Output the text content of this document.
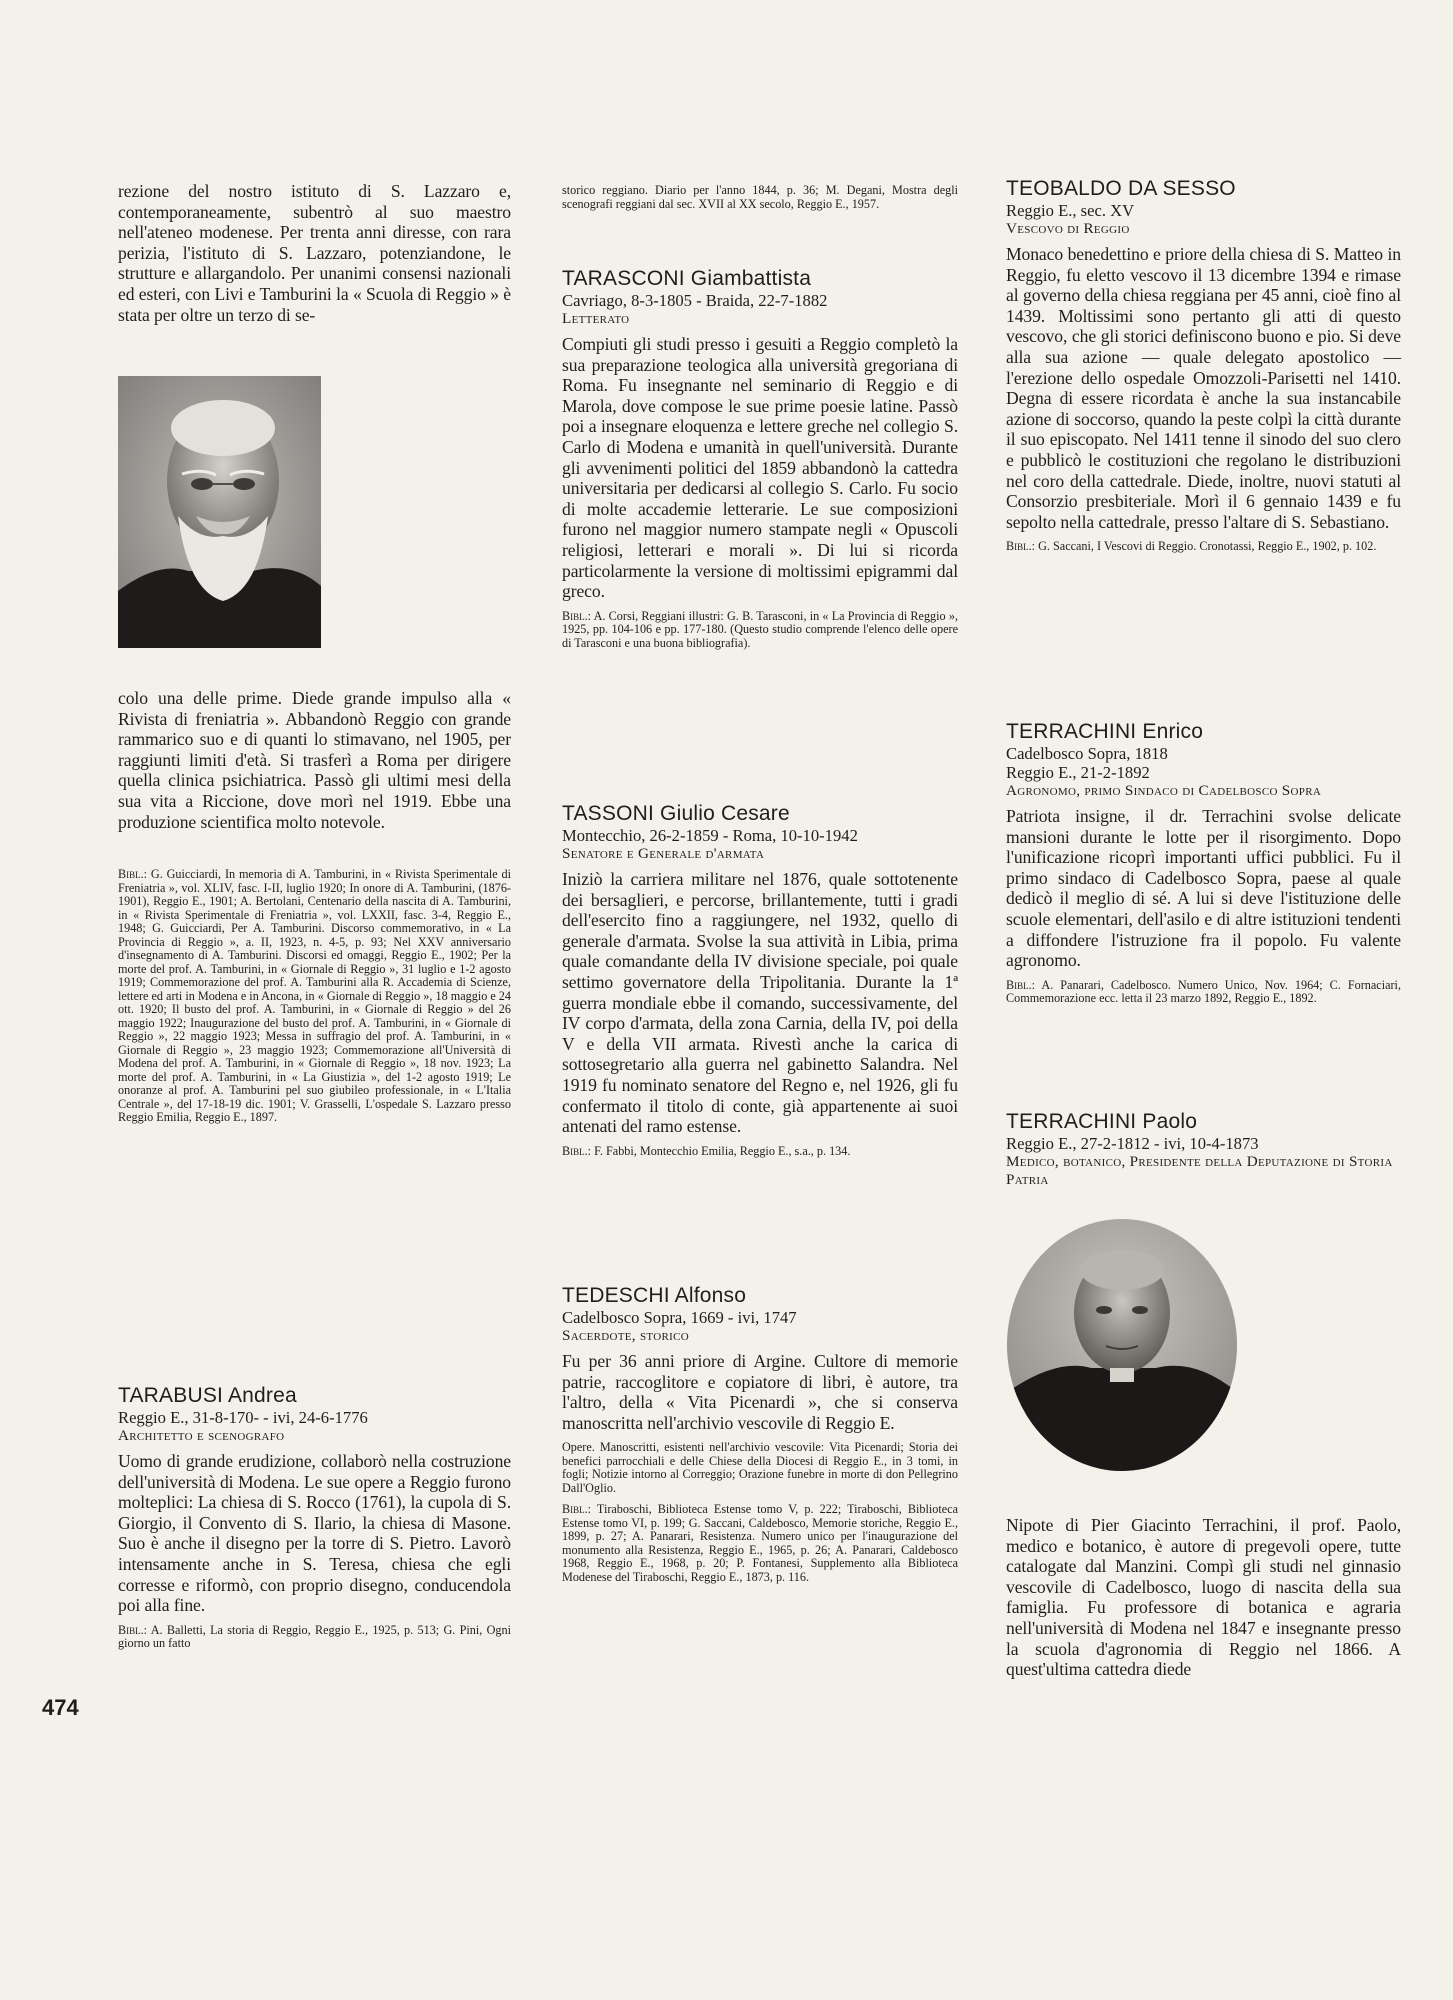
rezione del nostro istituto di S. Lazzaro e, contemporaneamente, subentrò al suo maestro nell'ateneo modenese. Per trenta anni diresse, con rara perizia, l'istituto di S. Lazzaro, potenziandone, le strutture e allargandolo. Per unanimi consensi nazionali ed esteri, con Livi e Tamburini la « Scuola di Reggio » è stata per oltre un terzo di se-

colo una delle prime. Diede grande impulso alla « Rivista di freniatria ». Abbandonò Reggio con grande rammarico suo e di quanti lo stimavano, nel 1905, per raggiunti limiti d'età. Si trasferì a Roma per dirigere quella clinica psichiatrica. Passò gli ultimi mesi della sua vita a Riccione, dove morì nel 1919. Ebbe una produzione scientifica molto notevole.

Bibl.: G. Guicciardi, In memoria di A. Tamburini, in « Rivista Sperimentale di Freniatria », vol. XLIV, fasc. I-II, luglio 1920; In onore di A. Tamburini, (1876-1901), Reggio E., 1901; A. Bertolani, Centenario della nascita di A. Tamburini, in « Rivista Sperimentale di Freniatria », vol. LXXII, fasc. 3-4, Reggio E., 1948; G. Guicciardi, Per A. Tamburini. Discorso commemorativo, in « La Provincia di Reggio », a. II, 1923, n. 4-5, p. 93; Nel XXV anniversario d'insegnamento di A. Tamburini. Discorsi ed omaggi, Reggio E., 1902; Per la morte del prof. A. Tamburini, in « Giornale di Reggio », 31 luglio e 1-2 agosto 1919; Commemorazione del prof. A. Tamburini alla R. Accademia di Scienze, lettere ed arti in Modena e in Ancona, in « Giornale di Reggio », 18 maggio e 24 ott. 1920; Il busto del prof. A. Tamburini, in « Giornale di Reggio » del 26 maggio 1922; Inaugurazione del busto del prof. A. Tamburini, in « Giornale di Reggio », 22 maggio 1923; Messa in suffragio del prof. A. Tamburini, in « Giornale di Reggio », 23 maggio 1923; Commemorazione all'Università di Modena del prof. A. Tamburini, in « Giornale di Reggio », 18 nov. 1923; La morte del prof. A. Tamburini, in « La Giustizia », del 1-2 agosto 1919; Le onoranze al prof. A. Tamburini pel suo giubileo professionale, in « L'Italia Centrale », del 17-18-19 dic. 1901; V. Grasselli, L'ospedale S. Lazzaro presso Reggio Emilia, Reggio E., 1897.

TARABUSI Andrea

Reggio E., 31-8-170- - ivi, 24-6-1776

Architetto e scenografo

Uomo di grande erudizione, collaborò nella costruzione dell'università di Modena. Le sue opere a Reggio furono molteplici: La chiesa di S. Rocco (1761), la cupola di S. Giorgio, il Convento di S. Ilario, la chiesa di Masone. Suo è anche il disegno per la torre di S. Pietro. Lavorò intensamente anche in S. Teresa, chiesa che egli corresse e riformò, con proprio disegno, conducendola poi alla fine.

Bibl.: A. Balletti, La storia di Reggio, Reggio E., 1925, p. 513; G. Pini, Ogni giorno un fatto

storico reggiano. Diario per l'anno 1844, p. 36; M. Degani, Mostra degli scenografi reggiani dal sec. XVII al XX secolo, Reggio E., 1957.

TARASCONI Giambattista

Cavriago, 8-3-1805 - Braida, 22-7-1882

Letterato

Compiuti gli studi presso i gesuiti a Reggio completò la sua preparazione teologica alla università gregoriana di Roma. Fu insegnante nel seminario di Reggio e di Marola, dove compose le sue prime poesie latine. Passò poi a insegnare eloquenza e lettere greche nel collegio S. Carlo di Modena e umanità in quell'università. Durante gli avvenimenti politici del 1859 abbandonò la cattedra universitaria per dedicarsi al collegio S. Carlo. Fu socio di molte accademie letterarie. Le sue composizioni furono nel maggior numero stampate negli « Opuscoli religiosi, letterari e morali ». Di lui si ricorda particolarmente la versione di moltissimi epigrammi dal greco.

Bibl.: A. Corsi, Reggiani illustri: G. B. Tarasconi, in « La Provincia di Reggio », 1925, pp. 104-106 e pp. 177-180. (Questo studio comprende l'elenco delle opere di Tarasconi e una buona bibliografia).

TASSONI Giulio Cesare

Montecchio, 26-2-1859 - Roma, 10-10-1942

Senatore e Generale d'armata

Iniziò la carriera militare nel 1876, quale sottotenente dei bersaglieri, e percorse, brillantemente, tutti i gradi dell'esercito fino a raggiungere, nel 1932, quello di generale d'armata. Svolse la sua attività in Libia, prima quale comandante della IV divisione speciale, poi quale settimo governatore della Tripolitania. Durante la 1ª guerra mondiale ebbe il comando, successivamente, del IV corpo d'armata, della zona Carnia, della IV, poi della V e della VII armata. Rivestì anche la carica di sottosegretario alla guerra nel gabinetto Salandra. Nel 1919 fu nominato senatore del Regno e, nel 1926, gli fu confermato il titolo di conte, già appartenente ai suoi antenati del ramo estense.

Bibl.: F. Fabbi, Montecchio Emilia, Reggio E., s.a., p. 134.

TEDESCHI Alfonso

Cadelbosco Sopra, 1669 - ivi, 1747

Sacerdote, storico

Fu per 36 anni priore di Argine. Cultore di memorie patrie, raccoglitore e copiatore di libri, è autore, tra l'altro, della « Vita Picenardi », che si conserva manoscritta nell'archivio vescovile di Reggio E.

Opere. Manoscritti, esistenti nell'archivio vescovile: Vita Picenardi; Storia dei benefici parrocchiali e delle Chiese della Diocesi di Reggio E., in 3 tomi, in fogli; Notizie intorno al Correggio; Orazione funebre in morte di don Pellegrino Dall'Oglio.

Bibl.: Tiraboschi, Biblioteca Estense tomo V, p. 222; Tiraboschi, Biblioteca Estense tomo VI, p. 199; G. Saccani, Caldebosco, Memorie storiche, Reggio E., 1899, p. 27; A. Panarari, Resistenza. Numero unico per l'inaugurazione del monumento alla Resistenza, Reggio E., 1965, p. 26; A. Panarari, Caldebosco 1968, Reggio E., 1968, p. 20; P. Fontanesi, Supplemento alla Biblioteca Modenese del Tiraboschi, Reggio E., 1873, p. 116.

TEOBALDO DA SESSO

Reggio E., sec. XV

Vescovo di Reggio

Monaco benedettino e priore della chiesa di S. Matteo in Reggio, fu eletto vescovo il 13 dicembre 1394 e rimase al governo della chiesa reggiana per 45 anni, cioè fino al 1439. Moltissimi sono pertanto gli atti di questo vescovo, che gli storici definiscono buono e pio. Si deve alla sua azione — quale delegato apostolico — l'erezione dello ospedale Omozzoli-Parisetti nel 1410. Degna di essere ricordata è anche la sua instancabile azione di soccorso, quando la peste colpì la città durante il suo episcopato. Nel 1411 tenne il sinodo del suo clero e pubblicò le costituzioni che regolano le distribuzioni nel coro della cattedrale. Diede, inoltre, nuovi statuti al Consorzio presbiteriale. Morì il 6 gennaio 1439 e fu sepolto nella cattedrale, presso l'altare di S. Sebastiano.

Bibl.: G. Saccani, I Vescovi di Reggio. Cronotassi, Reggio E., 1902, p. 102.

TERRACHINI Enrico

Cadelbosco Sopra, 1818

Reggio E., 21-2-1892

Agronomo, primo Sindaco di Cadelbosco Sopra

Patriota insigne, il dr. Terrachini svolse delicate mansioni durante le lotte per il risorgimento. Dopo l'unificazione ricoprì importanti uffici pubblici. Fu il primo sindaco di Cadelbosco Sopra, paese al quale dedicò il meglio di sé. A lui si deve l'istituzione delle scuole elementari, dell'asilo e di altre istituzioni tendenti a diffondere l'istruzione fra il popolo. Fu valente agronomo.

Bibl.: A. Panarari, Cadelbosco. Numero Unico, Nov. 1964; C. Fornaciari, Commemorazione ecc. letta il 23 marzo 1892, Reggio E., 1892.

TERRACHINI Paolo

Reggio E., 27-2-1812 - ivi, 10-4-1873

Medico, botanico, Presidente della Deputazione di Storia Patria

Nipote di Pier Giacinto Terrachini, il prof. Paolo, medico e botanico, è autore di pregevoli opere, tutte catalogate dal Manzini. Compì gli studi nel ginnasio vescovile di Cadelbosco, luogo di nascita della sua famiglia. Fu professore di botanica e agraria nell'università di Modena nel 1847 e insegnante presso la scuola d'agronomia di Reggio nel 1866. A quest'ultima cattedra diede

474
